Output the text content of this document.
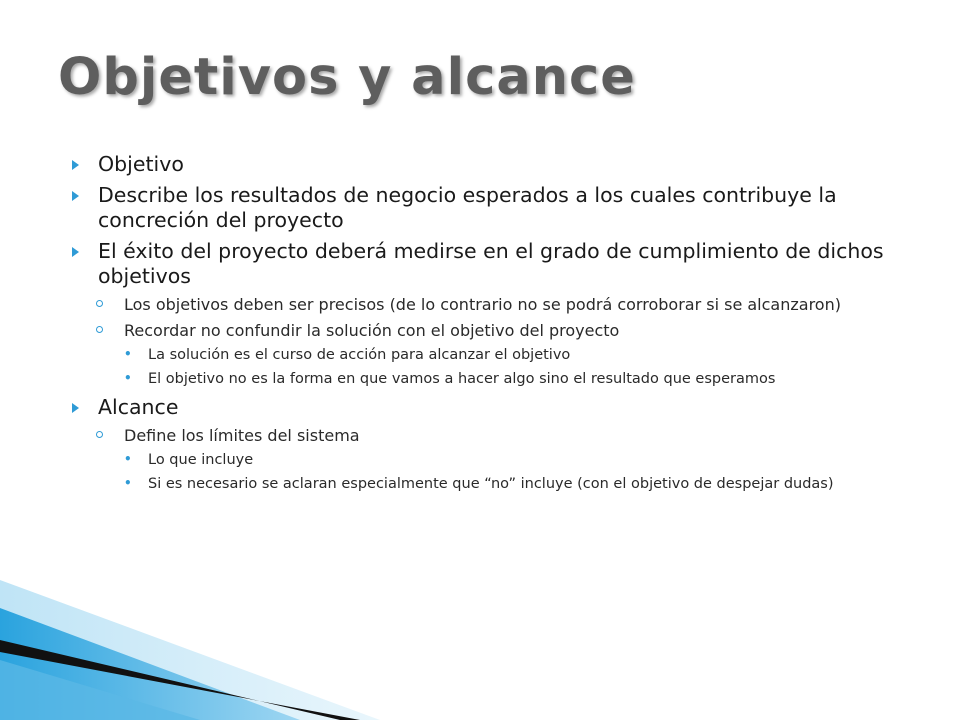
Objetivos y alcance
Objetivo
Describe los resultados de negocio esperados a los cuales contribuye la concreción del proyecto
El éxito del proyecto deberá medirse en el grado de cumplimiento de dichos objetivos
Los objetivos deben ser precisos (de lo contrario no se podrá corroborar si se alcanzaron)
Recordar no confundir la solución con el objetivo del proyecto
• La solución es el curso de acción para alcanzar el objetivo
• El objetivo no es la forma en que vamos a hacer algo sino el resultado que esperamos
Alcance
Define los límites del sistema
• Lo que incluye
• Si es necesario se aclaran especialmente que “no” incluye (con el objetivo de despejar dudas)
